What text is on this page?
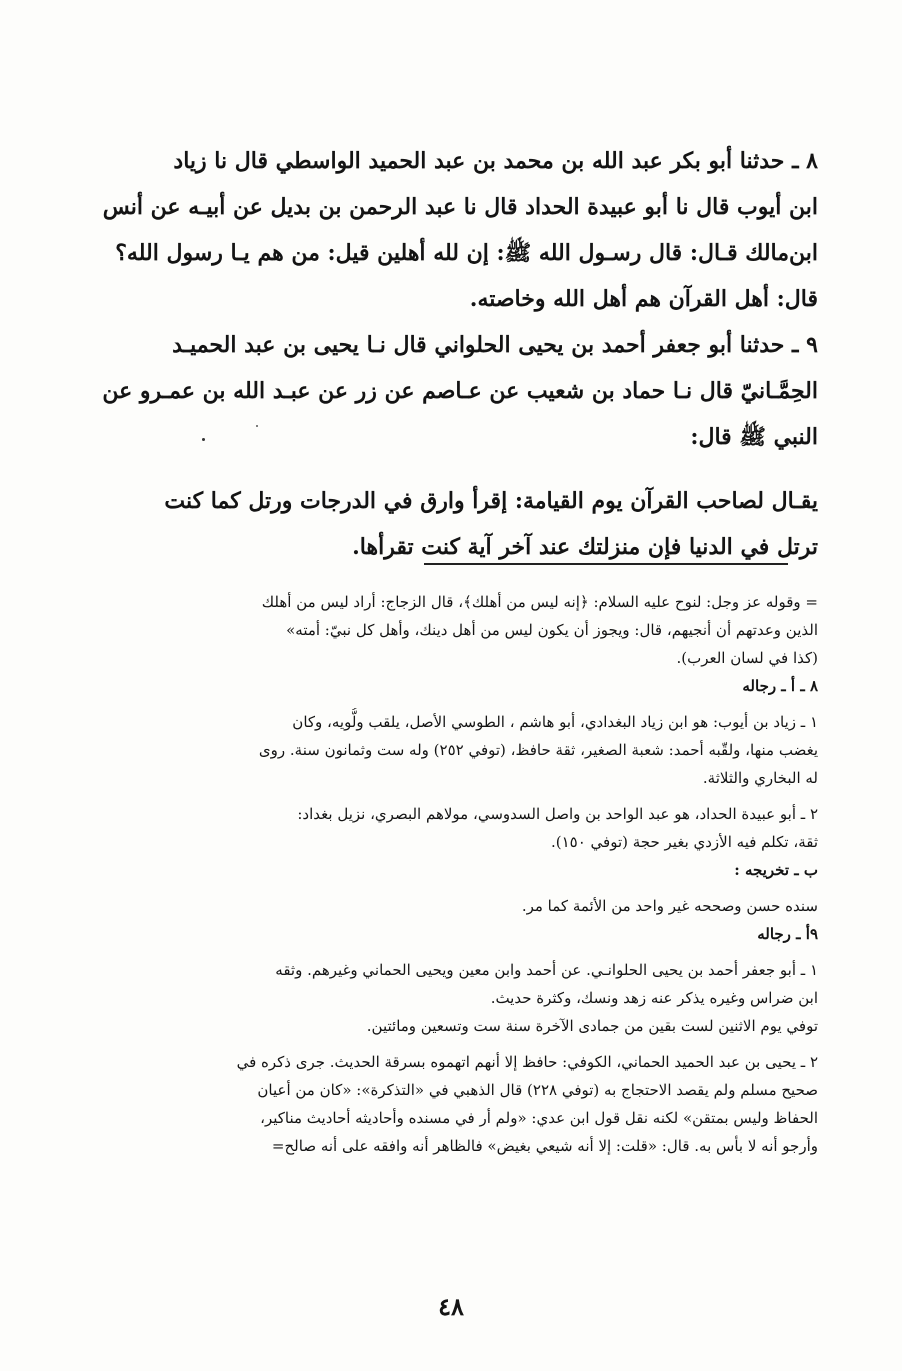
٨ ـ حدثنا أبو بكر عبد الله بن محمد بن عبد الحميد الواسطي قال نا زياد

ابن أيوب قال نا أبو عبيدة الحداد قال نا عبد الرحمن بن بديل عن أبيـه عن أنس

ابن‌مالك قـال: قال رسـول الله ﷺ: إن لله أهلين قيل: من هم يـا رسول الله؟

قال: أهل القرآن هم أهل الله وخاصته.

٩ ـ حدثنا أبو جعفر أحمد بن يحيى الحلواني قال نـا يحيى بن عبد الحميـد

الحِمَّـانيّ قال نـا حماد بن شعيب عن عـاصم عن زر عن عبـد الله بن عمـرو عن

النبي ﷺ قال:

يقـال لصاحب القرآن يوم القيامة: إقرأ وارق في الدرجات ورتل كما كنت

ترتل في الدنيا فإن منزلتك عند آخر آية كنت تقرأها.

= وقوله عز وجل: لنوح عليه السلام: ﴿إنه ليس من أهلك﴾، قال الزجاج: أراد ليس من أهلك

الذين وعدتهم أن أنجيهم، قال: ويجوز أن يكون ليس من أهل دينك، وأهل كل نبيّ: أمته»

(كذا في لسان العرب).

٨ ـ أ ـ رجاله

١ ـ زياد بن أيوب: هو ابن زياد البغدادي، أبو هاشم ، الطوسي الأصل، يلقب ولُّويه، وكان

يغضب منها، ولقّبه أحمد: شعبة الصغير، ثقة حافظ، (توفي ٢٥٢) وله ست وثمانون سنة. روى

له البخاري والثلاثة.

٢ ـ أبو عبيدة الحداد، هو عبد الواحد بن واصل السدوسي، مولاهم البصري، نزيل بغداد:

ثقة، تكلم فيه الأزدي بغير حجة (توفي ١٥٠).

ب ـ تخريجه :

سنده حسن وصححه غير واحد من الأئمة كما مر.

٩أ ـ رجاله

١ ـ أبو جعفر أحمد بن يحيى الحلوانـي. عن أحمد وابن معين ويحيى الحماني وغيرهم. وثقه

ابن ضراس وغيره يذكر عنه زهد ونسك، وكثرة حديث.

توفي يوم الاثنين لست بقين من جمادى الآخرة سنة ست وتسعين ومائتين.

٢ ـ يحيى بن عبد الحميد الحماني، الكوفي: حافظ إلا أنهم اتهموه بسرقة الحديث. جرى ذكره في

صحيح مسلم ولم يقصد الاحتجاج به (توفي ٢٢٨) قال الذهبي في «التذكرة»: «كان من أعيان

الحفاظ وليس بمتقن» لكنه نقل قول ابن عدي: «ولم أر في مسنده وأحاديثه أحاديث مناكير،

وأرجو أنه لا بأس به. قال: «قلت: إلا أنه شيعي بغيض» فالظاهر أنه وافقه على أنه صالح=

٤٨
